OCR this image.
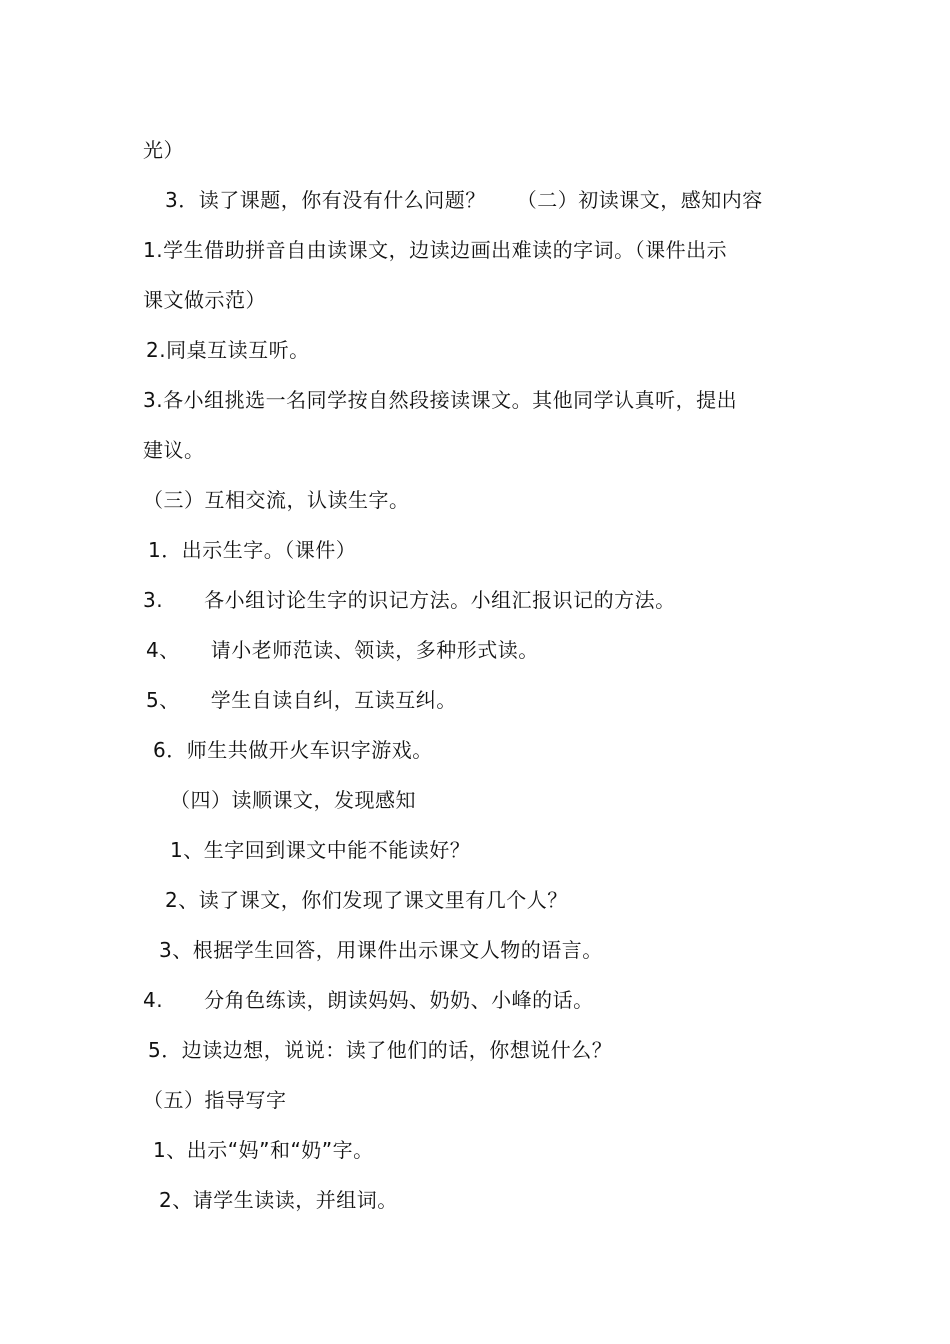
光）
3．读了课题，你有没有什么问题？　　（二）初读课文，感知内容
1.学生借助拼音自由读课文，边读边画出难读的字词。（课件出示
课文做示范）
2.同桌互读互听。
3.各小组挑选一名同学按自然段接读课文。其他同学认真听，提出
建议。
（三）互相交流，认读生字。
1．出示生字。（课件）
3.　　各小组讨论生字的识记方法。小组汇报识记的方法。
4、　　请小老师范读、领读，多种形式读。
5、　　学生自读自纠，互读互纠。
6．师生共做开火车识字游戏。
（四）读顺课文，发现感知
1、生字回到课文中能不能读好？
2、读了课文，你们发现了课文里有几个人？
3、根据学生回答，用课件出示课文人物的语言。
4.　　分角色练读，朗读妈妈、奶奶、小峰的话。
5．边读边想，说说：读了他们的话，你想说什么？
（五）指导写字
1、出示“妈”和“奶”字。
2、请学生读读，并组词。
